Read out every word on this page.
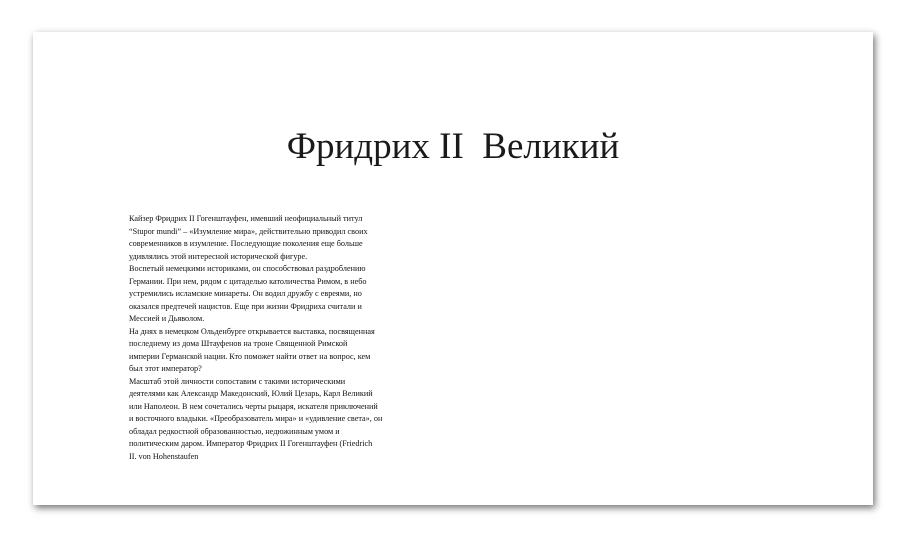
Фридрих II  Великий

Кайзер Фридрих II Гогенштауфен, имевший неофициальный титул

“Stupor mundi” – «Изумление мира», действительно приводил своих

современников в изумление. Последующие поколения еще больше

удивлялись этой интересной исторической фигуре.

Воспетый немецкими историками, он способствовал раздроблению

Германии. При нем, рядом с цитаделью католичества Римом, в небо

устремились исламские минареты. Он водил дружбу с евреями, но

оказался предтечей нацистов. Еще при жизни Фридриха считали и

Мессией и Дьяволом.

На днях в немецком Ольденбурге открывается выставка, посвященная

последнему из дома Штауфенов на троне Священной Римской

империи Германской нации. Кто поможет найти ответ на вопрос, кем

был этот император?

Масштаб этой личности сопоставим с такими историческими

деятелями как Александр Македонский, Юлий Цезарь, Карл Великий

или Наполеон. В нем сочетались черты рыцаря, искателя приключений

и восточного владыки. «Преобразователь мира» и «удивление света», он

обладал редкостной образованностью, недюжинным умом и

политическим даром. Император Фридрих II Гогенштауфен (Friedrich

II. von Hohenstaufen
